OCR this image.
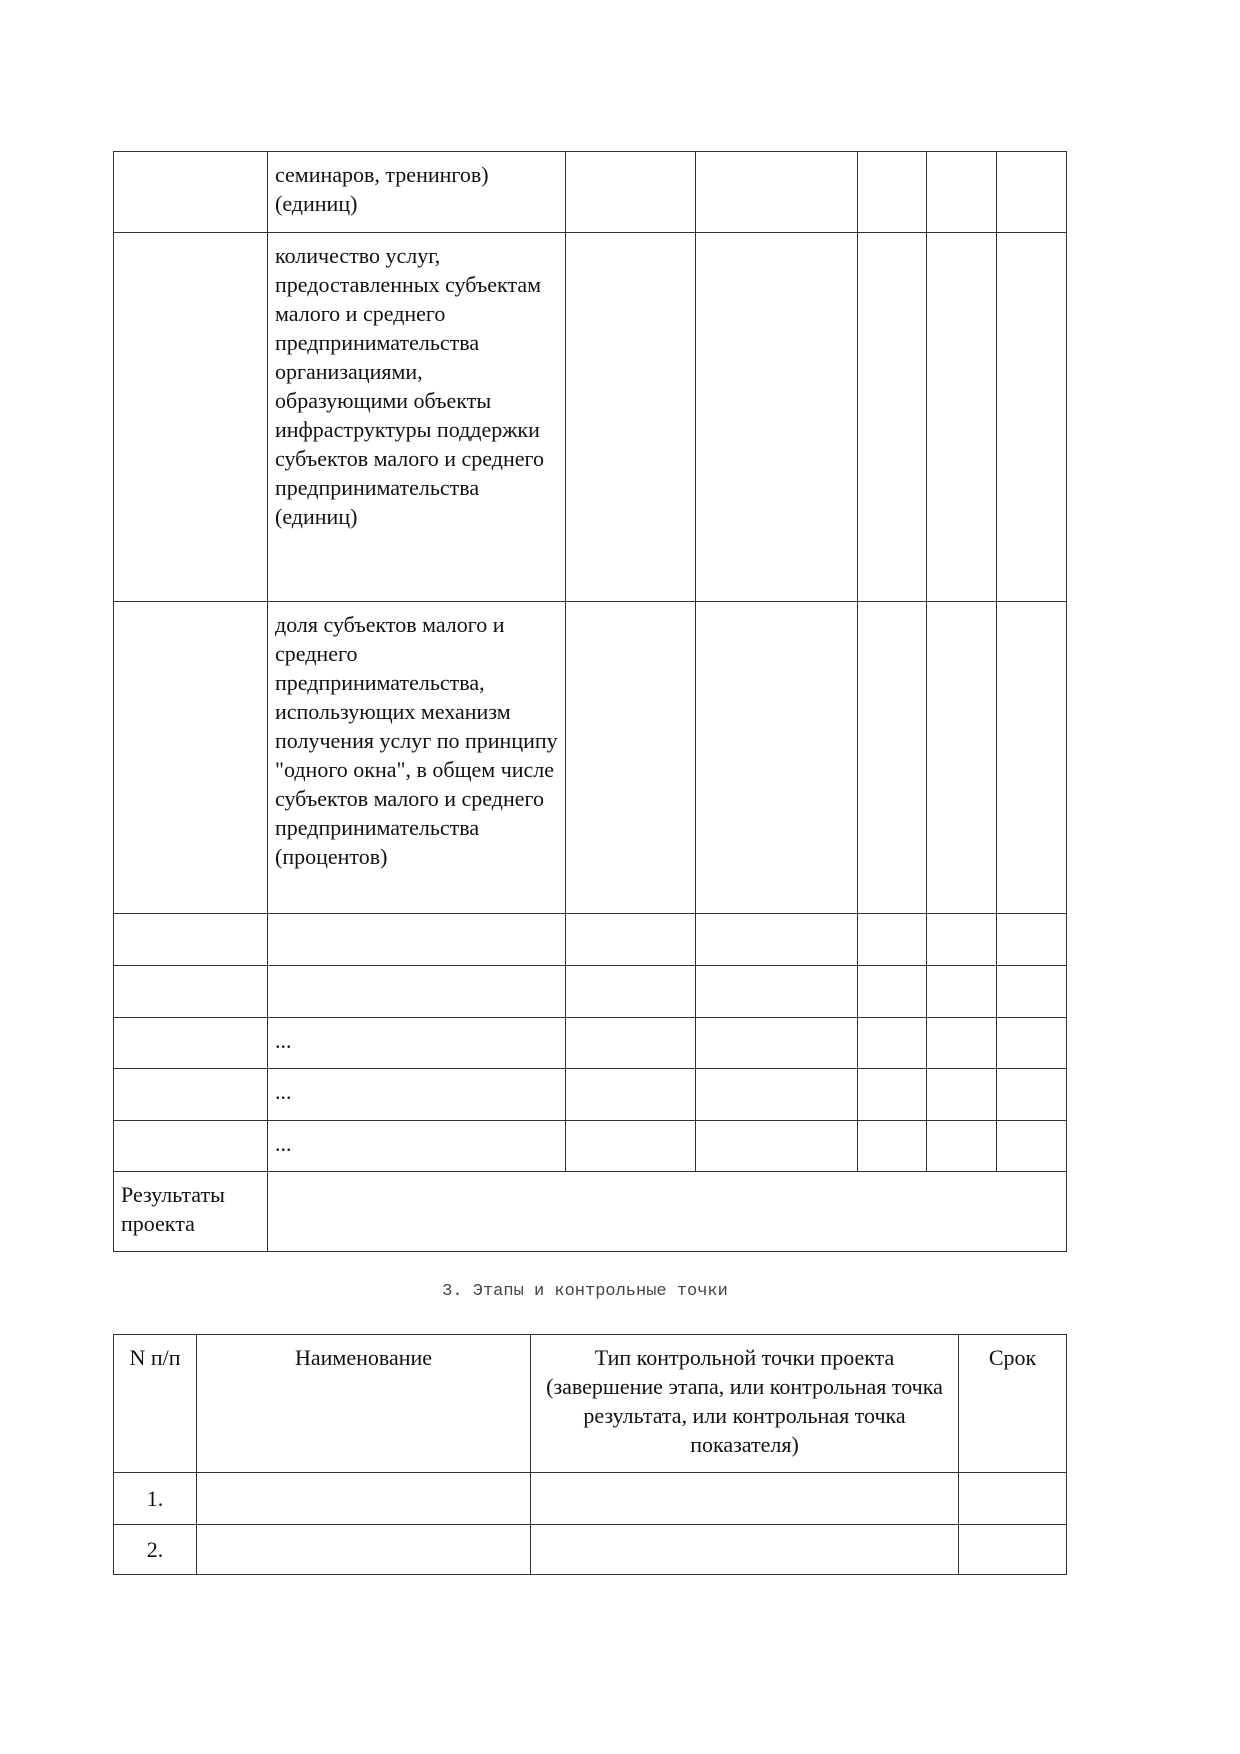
	семинаров, тренингов) (единиц)					
	количество услуг, предоставленных субъектам малого и среднего предпринимательства организациями, образующими объекты инфраструктуры поддержки субъектов малого и среднего предпринимательства (единиц)					
	доля субъектов малого и среднего предпринимательства, использующих механизм получения услуг по принципу "одного окна", в общем числе субъектов малого и среднего предпринимательства (процентов)					

	...					
	...					
	...					
Результаты проекта						
3. Этапы и контрольные точки
N п/п	Наименование	Тип контрольной точки проекта (завершение этапа, или контрольная точка результата, или контрольная точка показателя)	Срок
1.			
2.			
